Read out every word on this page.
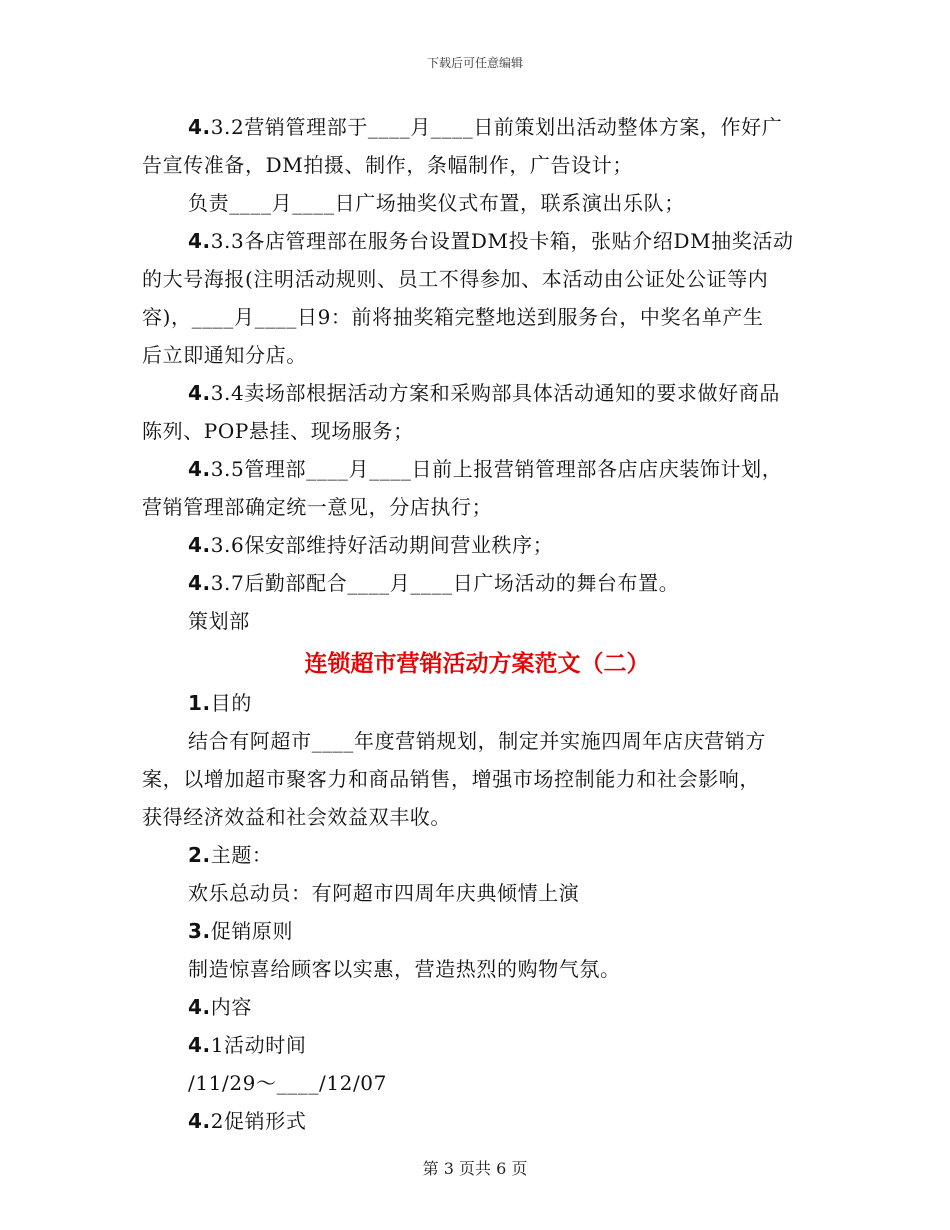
下载后可任意编辑
4.3.2营销管理部于____月____日前策划出活动整体方案，作好广
告宣传准备，DM拍摄、制作，条幅制作，广告设计；
负责____月____日广场抽奖仪式布置，联系演出乐队；
4.3.3各店管理部在服务台设置DM投卡箱，张贴介绍DM抽奖活动
的大号海报(注明活动规则、员工不得参加、本活动由公证处公证等内
容)，____月____日9：前将抽奖箱完整地送到服务台，中奖名单产生
后立即通知分店。
4.3.4卖场部根据活动方案和采购部具体活动通知的要求做好商品
陈列、POP悬挂、现场服务；
4.3.5管理部____月____日前上报营销管理部各店店庆装饰计划，
营销管理部确定统一意见，分店执行；
4.3.6保安部维持好活动期间营业秩序；
4.3.7后勤部配合____月____日广场活动的舞台布置。
策划部
连锁超市营销活动方案范文（二）
1.目的
结合有阿超市____年度营销规划，制定并实施四周年店庆营销方
案，以增加超市聚客力和商品销售，增强市场控制能力和社会影响，
获得经济效益和社会效益双丰收。
2.主题：
欢乐总动员：有阿超市四周年庆典倾情上演
3.促销原则
制造惊喜给顾客以实惠，营造热烈的购物气氛。
4.内容
4.1活动时间
/11/29～____/12/07
4.2促销形式
第 3 页共 6 页
